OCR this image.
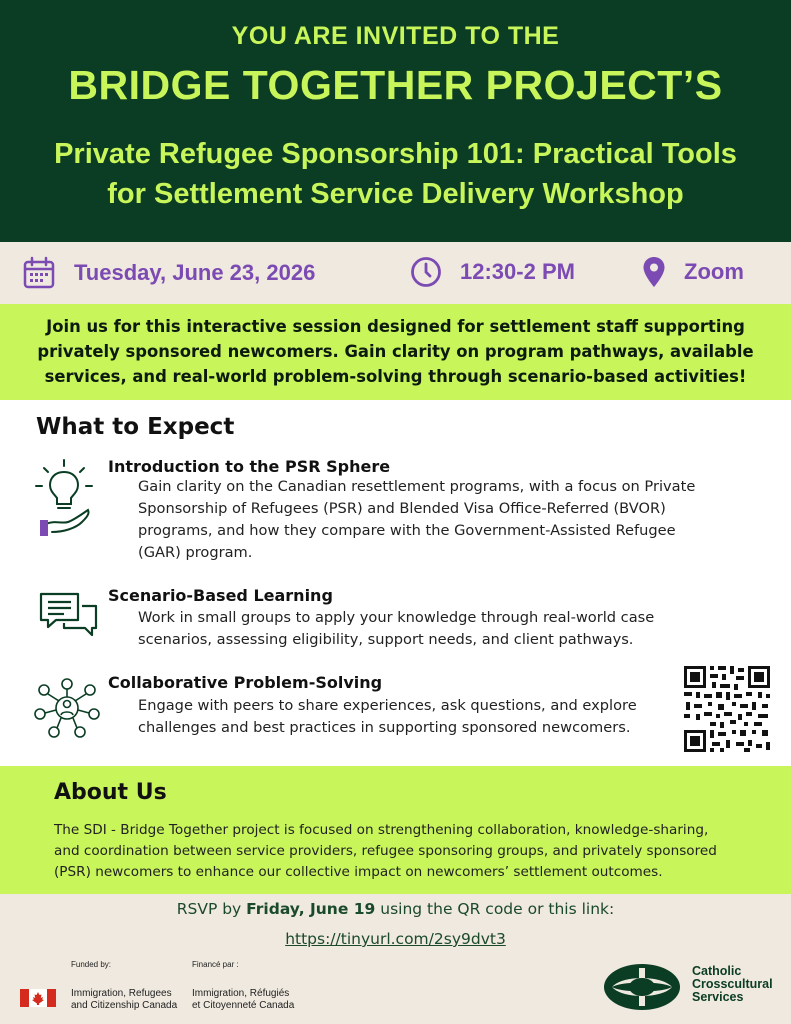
YOU ARE INVITED TO THE
BRIDGE TOGETHER PROJECT’S
Private Refugee Sponsorship 101: Practical Tools
for Settlement Service Delivery Workshop
Tuesday, June 23, 2026	12:30-2 PM	Zoom

Join us for this interactive session designed for settlement staff supporting
privately sponsored newcomers. Gain clarity on program pathways, available
services, and real-world problem-solving through scenario-based activities!

What to Expect
Introduction to the PSR Sphere

Gain clarity on the Canadian resettlement programs, with a focus on Private
Sponsorship of Refugees (PSR) and Blended Visa Office-Referred (BVOR)
programs, and how they compare with the Government-Assisted Refugee
(GAR) program.

Scenario-Based Learning

Work in small groups to apply your knowledge through real-world case
scenarios, assessing eligibility, support needs, and client pathways.

Collaborative Problem-Solving

Engage with peers to share experiences, ask questions, and explore
challenges and best practices in supporting sponsored newcomers.

About Us

The SDI - Bridge Together project is focused on strengthening collaboration, knowledge-sharing,
and coordination between service providers, refugee sponsoring groups, and privately sponsored
(PSR) newcomers to enhance our collective impact on newcomers’ settlement outcomes.

RSVP by Friday, June 19 using the QR code or this link:
https://tinyurl.com/2sy9dvt3
Funded by:	Financé par :
Immigration, Refugees
and Citizenship Canada
Immigration, Réfugiés
et Citoyenneté Canada
Catholic
Crosscultural
Services
